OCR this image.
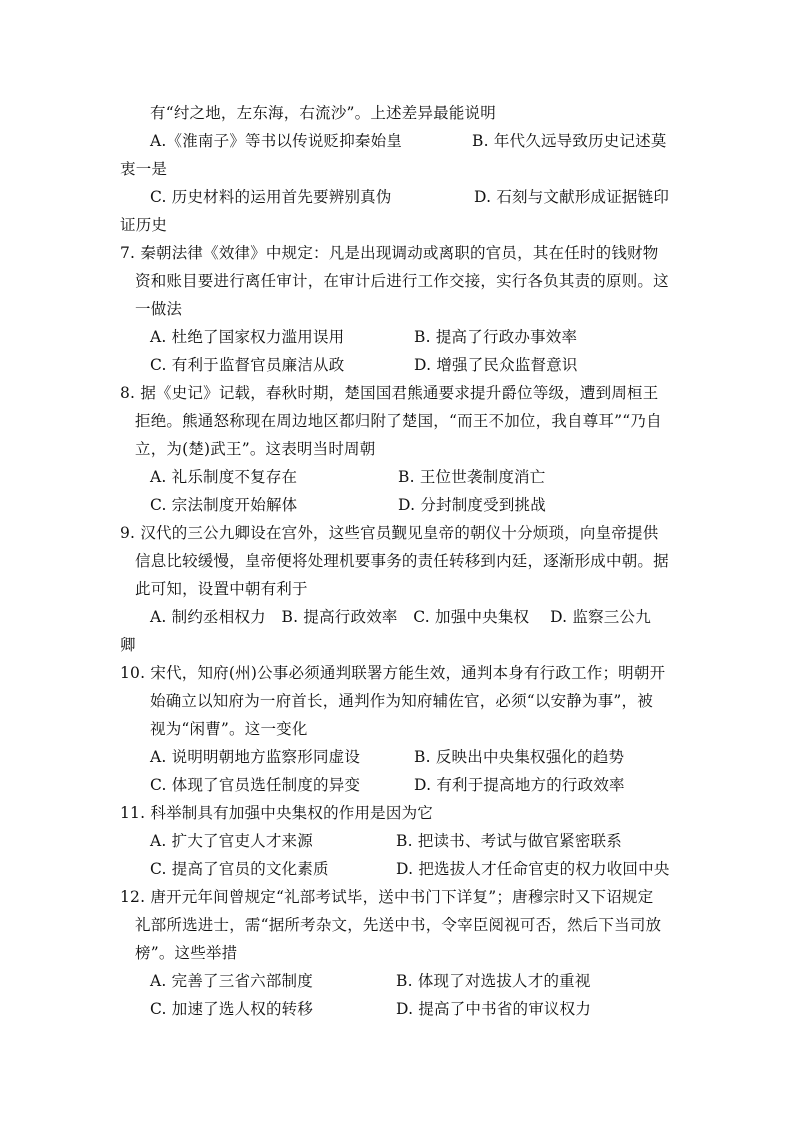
有“纣之地，左东海，右流沙”。上述差异最能说明
A.《淮南子》等书以传说贬抑秦始皇	B. 年代久远导致历史记述莫
衷一是
C. 历史材料的运用首先要辨别真伪	D. 石刻与文献形成证据链印
证历史
7. 秦朝法律《效律》中规定：凡是出现调动或离职的官员，其在任时的钱财物
资和账目要进行离任审计，在审计后进行工作交接，实行各负其责的原则。这
一做法
A. 杜绝了国家权力滥用误用	B. 提高了行政办事效率
C. 有利于监督官员廉洁从政	D. 增强了民众监督意识
8. 据《史记》记载，春秋时期，楚国国君熊通要求提升爵位等级，遭到周桓王
拒绝。熊通怒称现在周边地区都归附了楚国，“而王不加位，我自尊耳”“乃自
立，为(楚)武王”。这表明当时周朝
A. 礼乐制度不复存在	B. 王位世袭制度消亡
C. 宗法制度开始解体	D. 分封制度受到挑战
9. 汉代的三公九卿设在宫外，这些官员觐见皇帝的朝仪十分烦琐，向皇帝提供
信息比较缓慢，皇帝便将处理机要事务的责任转移到内廷，逐渐形成中朝。据
此可知，设置中朝有利于
A. 制约丞相权力　B. 提高行政效率　C. 加强中央集权　 D. 监察三公九
卿
10. 宋代，知府(州)公事必须通判联署方能生效，通判本身有行政工作；明朝开
始确立以知府为一府首长，通判作为知府辅佐官，必须“以安静为事”，被
视为“闲曹”。这一变化
A. 说明明朝地方监察形同虚设	B. 反映出中央集权强化的趋势
C. 体现了官员选任制度的异变	D. 有利于提高地方的行政效率
11. 科举制具有加强中央集权的作用是因为它
A. 扩大了官吏人才来源	B. 把读书、考试与做官紧密联系
C. 提高了官员的文化素质	D. 把选拔人才任命官吏的权力收回中央
12. 唐开元年间曾规定“礼部考试毕，送中书门下详复”；唐穆宗时又下诏规定
礼部所选进士，需“据所考杂文，先送中书，令宰臣阅视可否，然后下当司放
榜”。这些举措
A. 完善了三省六部制度	B. 体现了对选拔人才的重视
C. 加速了选人权的转移	D. 提高了中书省的审议权力
